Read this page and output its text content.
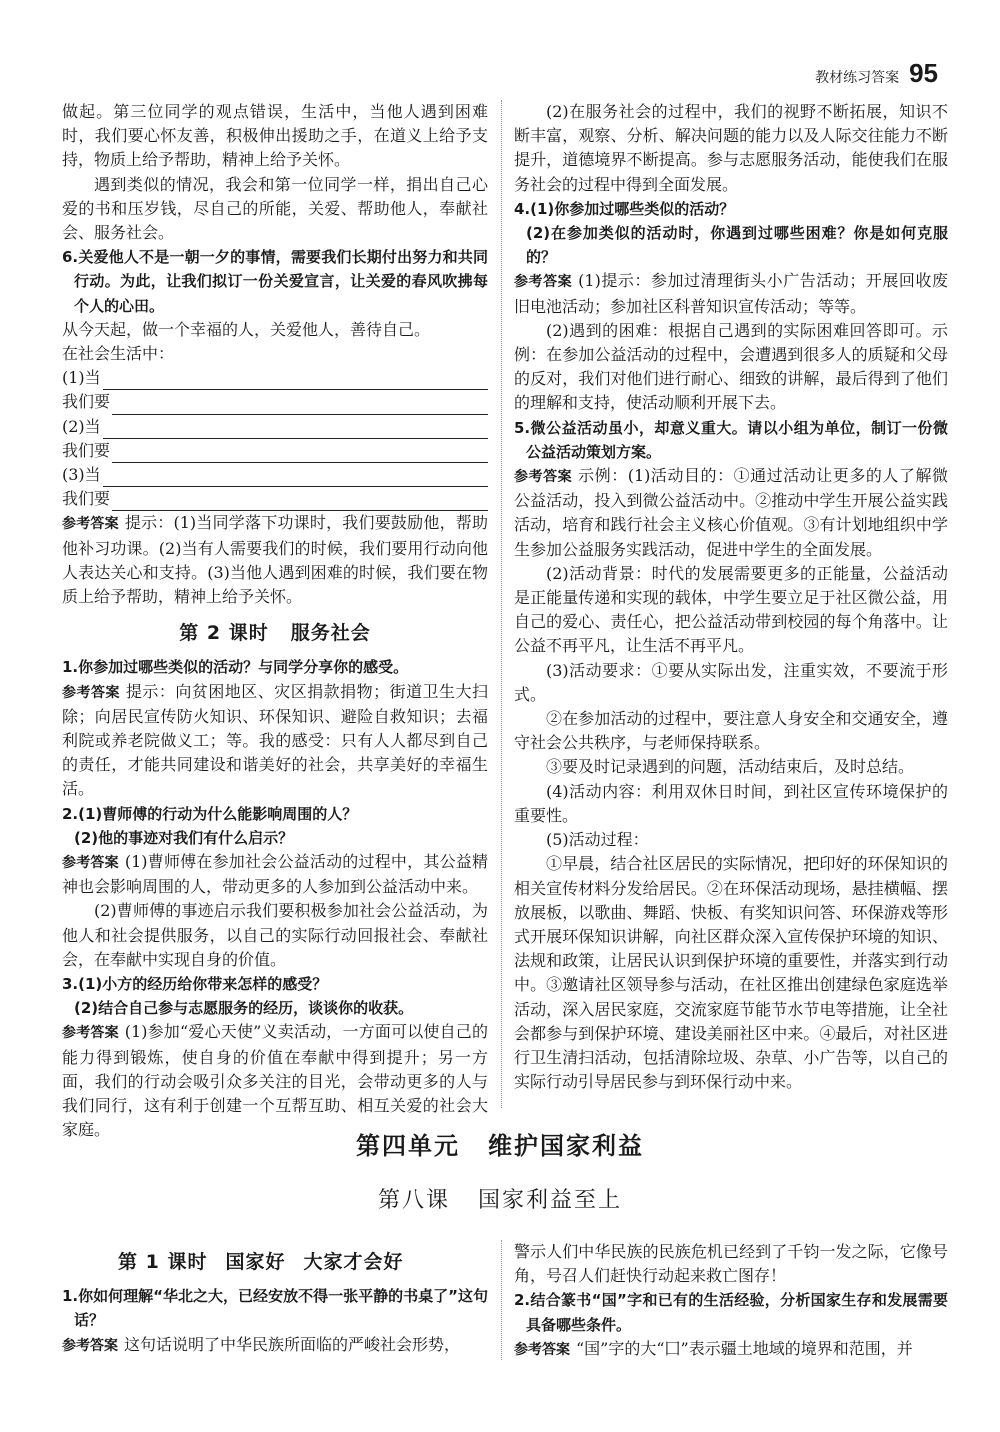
教材练习答案 95

做起。第三位同学的观点错误，生活中，当他人遇到困难时，我们要心怀友善，积极伸出援助之手，在道义上给予支持，物质上给予帮助，精神上给予关怀。

遇到类似的情况，我会和第一位同学一样，捐出自己心爱的书和压岁钱，尽自己的所能，关爱、帮助他人，奉献社会、服务社会。

6.关爱他人不是一朝一夕的事情，需要我们长期付出努力和共同行动。为此，让我们拟订一份关爱宣言，让关爱的春风吹拂每个人的心田。

从今天起，做一个幸福的人，关爱他人，善待自己。

在社会生活中：

(1)当
我们要
(2)当
我们要
(3)当
我们要

参考答案 提示：(1)当同学落下功课时，我们要鼓励他，帮助他补习功课。(2)当有人需要我们的时候，我们要用行动向他人表达关心和支持。(3)当他人遇到困难的时候，我们要在物质上给予帮助，精神上给予关怀。

第 2 课时 服务社会

1.你参加过哪些类似的活动？与同学分享你的感受。

参考答案 提示：向贫困地区、灾区捐款捐物；街道卫生大扫除；向居民宣传防火知识、环保知识、避险自救知识；去福利院或养老院做义工；等。我的感受：只有人人都尽到自己的责任，才能共同建设和谐美好的社会，共享美好的幸福生活。

2.(1)曹师傅的行动为什么能影响周围的人？

(2)他的事迹对我们有什么启示？

参考答案 (1)曹师傅在参加社会公益活动的过程中，其公益精神也会影响周围的人，带动更多的人参加到公益活动中来。

(2)曹师傅的事迹启示我们要积极参加社会公益活动，为他人和社会提供服务，以自己的实际行动回报社会、奉献社会，在奉献中实现自身的价值。

3.(1)小方的经历给你带来怎样的感受？

(2)结合自己参与志愿服务的经历，谈谈你的收获。

参考答案 (1)参加“爱心天使”义卖活动，一方面可以使自己的能力得到锻炼，使自身的价值在奉献中得到提升；另一方面，我们的行动会吸引众多关注的目光，会带动更多的人与我们同行，这有利于创建一个互帮互助、相互关爱的社会大家庭。

(2)在服务社会的过程中，我们的视野不断拓展，知识不断丰富，观察、分析、解决问题的能力以及人际交往能力不断提升，道德境界不断提高。参与志愿服务活动，能使我们在服务社会的过程中得到全面发展。

4.(1)你参加过哪些类似的活动？

(2)在参加类似的活动时，你遇到过哪些困难？你是如何克服的？

参考答案 (1)提示：参加过清理街头小广告活动；开展回收废旧电池活动；参加社区科普知识宣传活动；等等。

(2)遇到的困难：根据自己遇到的实际困难回答即可。示例：在参加公益活动的过程中，会遭遇到很多人的质疑和父母的反对，我们对他们进行耐心、细致的讲解，最后得到了他们的理解和支持，使活动顺利开展下去。

5.微公益活动虽小，却意义重大。请以小组为单位，制订一份微公益活动策划方案。

参考答案 示例：(1)活动目的：①通过活动让更多的人了解微公益活动，投入到微公益活动中。②推动中学生开展公益实践活动，培育和践行社会主义核心价值观。③有计划地组织中学生参加公益服务实践活动，促进中学生的全面发展。

(2)活动背景：时代的发展需要更多的正能量，公益活动是正能量传递和实现的载体，中学生要立足于社区微公益，用自己的爱心、责任心，把公益活动带到校园的每个角落中。让公益不再平凡，让生活不再平凡。

(3)活动要求：①要从实际出发，注重实效，不要流于形式。

②在参加活动的过程中，要注意人身安全和交通安全，遵守社会公共秩序，与老师保持联系。

③要及时记录遇到的问题，活动结束后，及时总结。

(4)活动内容：利用双休日时间，到社区宣传环境保护的重要性。

(5)活动过程：

①早晨，结合社区居民的实际情况，把印好的环保知识的相关宣传材料分发给居民。②在环保活动现场，悬挂横幅、摆放展板，以歌曲、舞蹈、快板、有奖知识问答、环保游戏等形式开展环保知识讲解，向社区群众深入宣传保护环境的知识、法规和政策，让居民认识到保护环境的重要性，并落实到行动中。③邀请社区领导参与活动，在社区推出创建绿色家庭选举活动，深入居民家庭，交流家庭节能节水节电等措施，让全社会都参与到保护环境、建设美丽社区中来。④最后，对社区进行卫生清扫活动，包括清除垃圾、杂草、小广告等，以自己的实际行动引导居民参与到环保行动中来。

第四单元 维护国家利益
第八课 国家利益至上
第 1 课时 国家好 大家才会好

1.你如何理解“华北之大，已经安放不得一张平静的书桌了”这句话？

参考答案 这句话说明了中华民族所面临的严峻社会形势，

警示人们中华民族的民族危机已经到了千钧一发之际，它像号角，号召人们赶快行动起来救亡图存！

2.结合篆书“国”字和已有的生活经验，分析国家生存和发展需要具备哪些条件。

参考答案 “国”字的大“囗”表示疆土地域的境界和范围，并
